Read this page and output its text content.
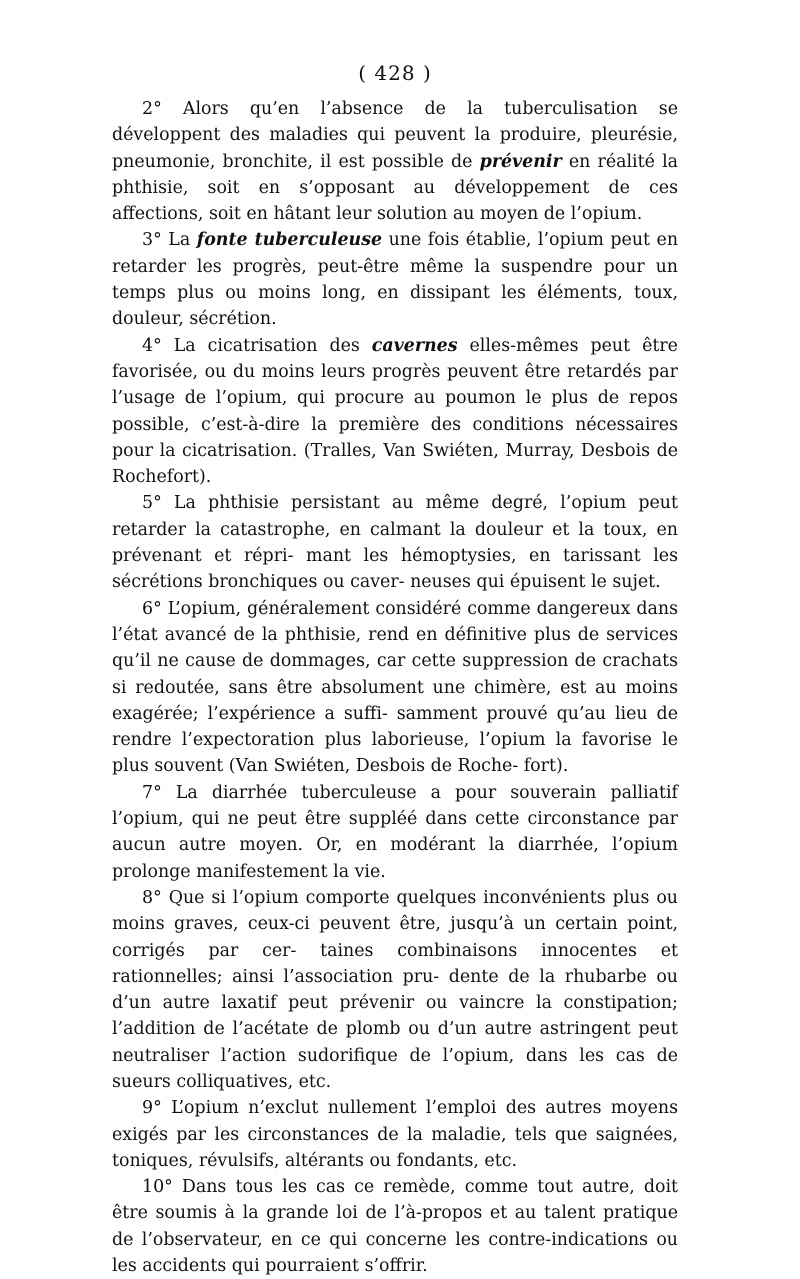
( 428 )

2° Alors qu’en l’absence de la tuberculisation se développent des maladies qui peuvent la produire, pleurésie, pneumonie, bronchite, il est possible de prévenir en réalité la phthisie, soit en s’opposant au développement de ces affections, soit en hâtant leur solution au moyen de l’opium.

3° La fonte tuberculeuse une fois établie, l’opium peut en retarder les progrès, peut-être même la suspendre pour un temps plus ou moins long, en dissipant les éléments, toux, douleur, sécrétion.

4° La cicatrisation des cavernes elles-mêmes peut être favorisée, ou du moins leurs progrès peuvent être retardés par l’usage de l’opium, qui procure au poumon le plus de repos possible, c’est-à-dire la première des conditions nécessaires pour la cicatrisation. (Tralles, Van Swiéten, Murray, Desbois de Rochefort).

5° La phthisie persistant au même degré, l’opium peut retarder la catastrophe, en calmant la douleur et la toux, en prévenant et répri- mant les hémoptysies, en tarissant les sécrétions bronchiques ou caver- neuses qui épuisent le sujet.

6° L’opium, généralement considéré comme dangereux dans l’état avancé de la phthisie, rend en définitive plus de services qu’il ne cause de dommages, car cette suppression de crachats si redoutée, sans être absolument une chimère, est au moins exagérée; l’expérience a suffi- samment prouvé qu’au lieu de rendre l’expectoration plus laborieuse, l’opium la favorise le plus souvent (Van Swiéten, Desbois de Roche- fort).

7° La diarrhée tuberculeuse a pour souverain palliatif l’opium, qui ne peut être suppléé dans cette circonstance par aucun autre moyen. Or, en modérant la diarrhée, l’opium prolonge manifestement la vie.

8° Que si l’opium comporte quelques inconvénients plus ou moins graves, ceux-ci peuvent être, jusqu’à un certain point, corrigés par cer- taines combinaisons innocentes et rationnelles; ainsi l’association pru- dente de la rhubarbe ou d’un autre laxatif peut prévenir ou vaincre la constipation; l’addition de l’acétate de plomb ou d’un autre astringent peut neutraliser l’action sudorifique de l’opium, dans les cas de sueurs colliquatives, etc.

9° L’opium n’exclut nullement l’emploi des autres moyens exigés par les circonstances de la maladie, tels que saignées, toniques, révulsifs, altérants ou fondants, etc.

10° Dans tous les cas ce remède, comme tout autre, doit être soumis à la grande loi de l’à-propos et au talent pratique de l’observateur, en ce qui concerne les contre-indications ou les accidents qui pourraient s’offrir.
